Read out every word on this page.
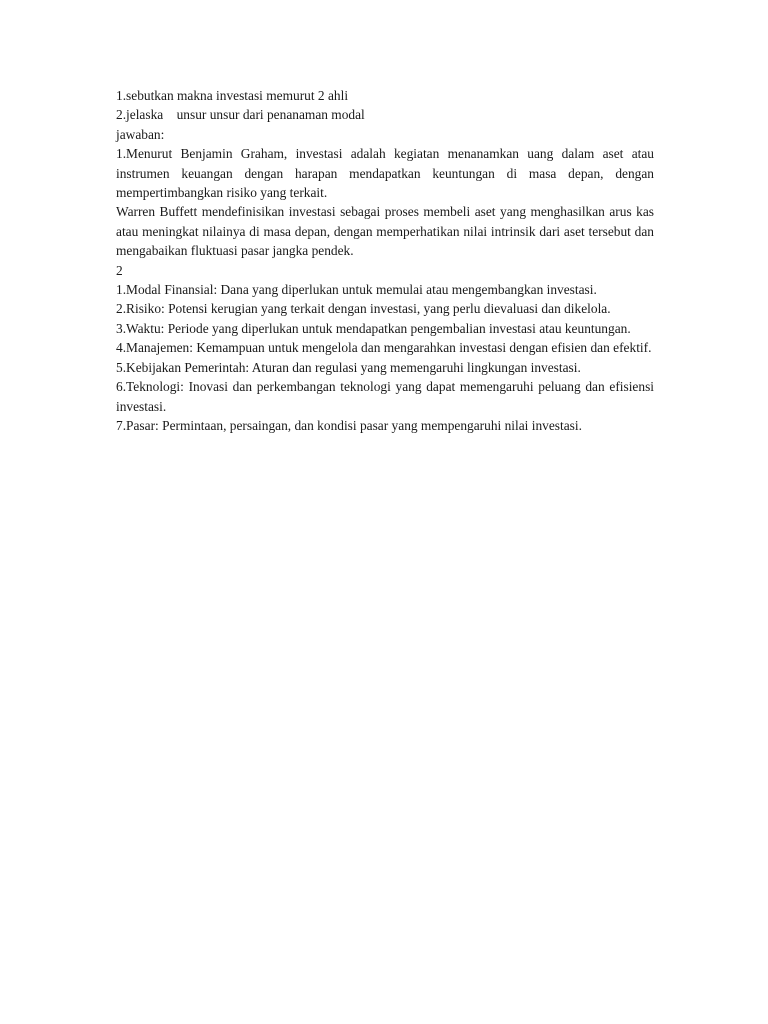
1.sebutkan makna investasi memurut 2 ahli

2.jelaska    unsur unsur dari penanaman modal

jawaban:

1.Menurut Benjamin Graham, investasi adalah kegiatan menanamkan uang dalam aset atau instrumen keuangan dengan harapan mendapatkan keuntungan di masa depan, dengan mempertimbangkan risiko yang terkait.

Warren Buffett mendefinisikan investasi sebagai proses membeli aset yang menghasilkan arus kas atau meningkat nilainya di masa depan, dengan memperhatikan nilai intrinsik dari aset tersebut dan mengabaikan fluktuasi pasar jangka pendek.

2

1.Modal Finansial: Dana yang diperlukan untuk memulai atau mengembangkan investasi.

2.Risiko: Potensi kerugian yang terkait dengan investasi, yang perlu dievaluasi dan dikelola.

3.Waktu: Periode yang diperlukan untuk mendapatkan pengembalian investasi atau keuntungan.

4.Manajemen: Kemampuan untuk mengelola dan mengarahkan investasi dengan efisien dan efektif.

5.Kebijakan Pemerintah: Aturan dan regulasi yang memengaruhi lingkungan investasi.

6.Teknologi: Inovasi dan perkembangan teknologi yang dapat memengaruhi peluang dan efisiensi investasi.

7.Pasar: Permintaan, persaingan, dan kondisi pasar yang mempengaruhi nilai investasi.
